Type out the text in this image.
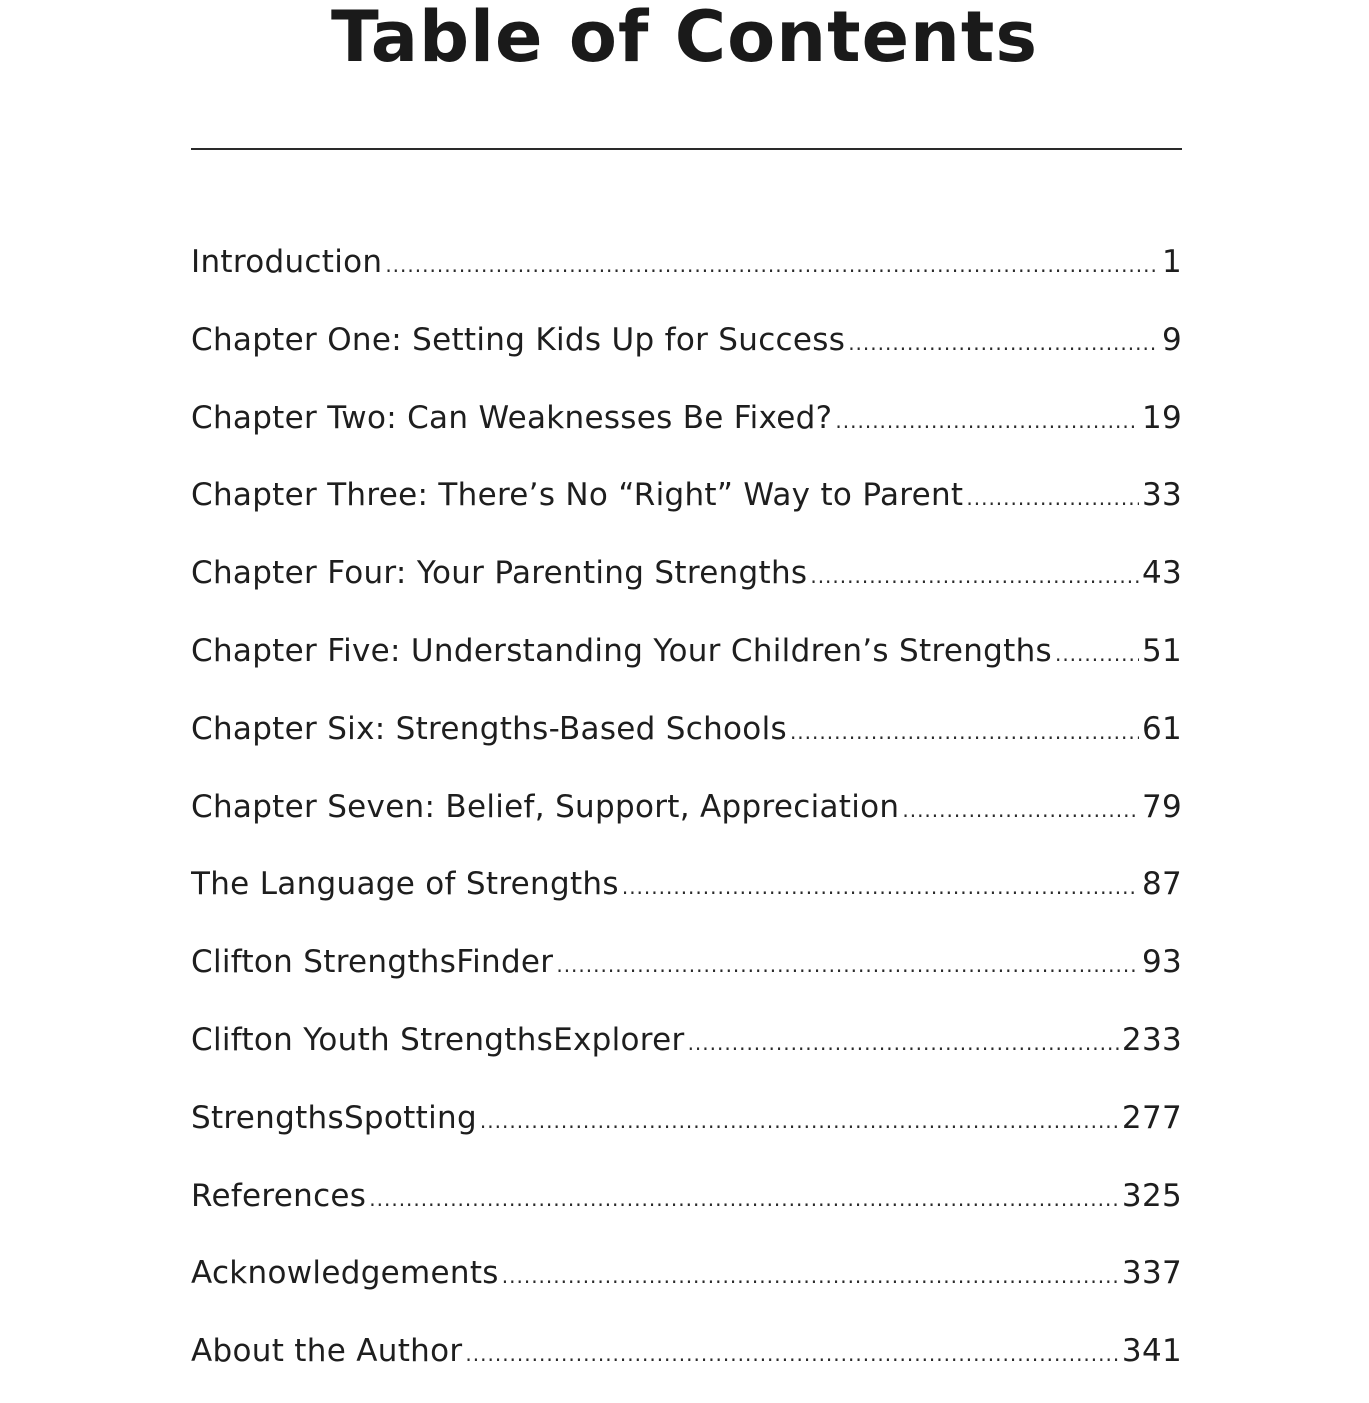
Table of Contents
Introduction .....	1
Chapter One: Setting Kids Up for Success .....	9
Chapter Two: Can Weaknesses Be Fixed? .....	19
Chapter Three: There’s No “Right” Way to Parent .....	33
Chapter Four: Your Parenting Strengths .....	43
Chapter Five: Understanding Your Children’s Strengths .....	51
Chapter Six: Strengths-Based Schools .....	61
Chapter Seven: Belief, Support, Appreciation .....	79
The Language of Strengths .....	87
Clifton StrengthsFinder .....	93
Clifton Youth StrengthsExplorer .....	233
StrengthsSpotting .....	277
References .....	325
Acknowledgements .....	337
About the Author .....	341
